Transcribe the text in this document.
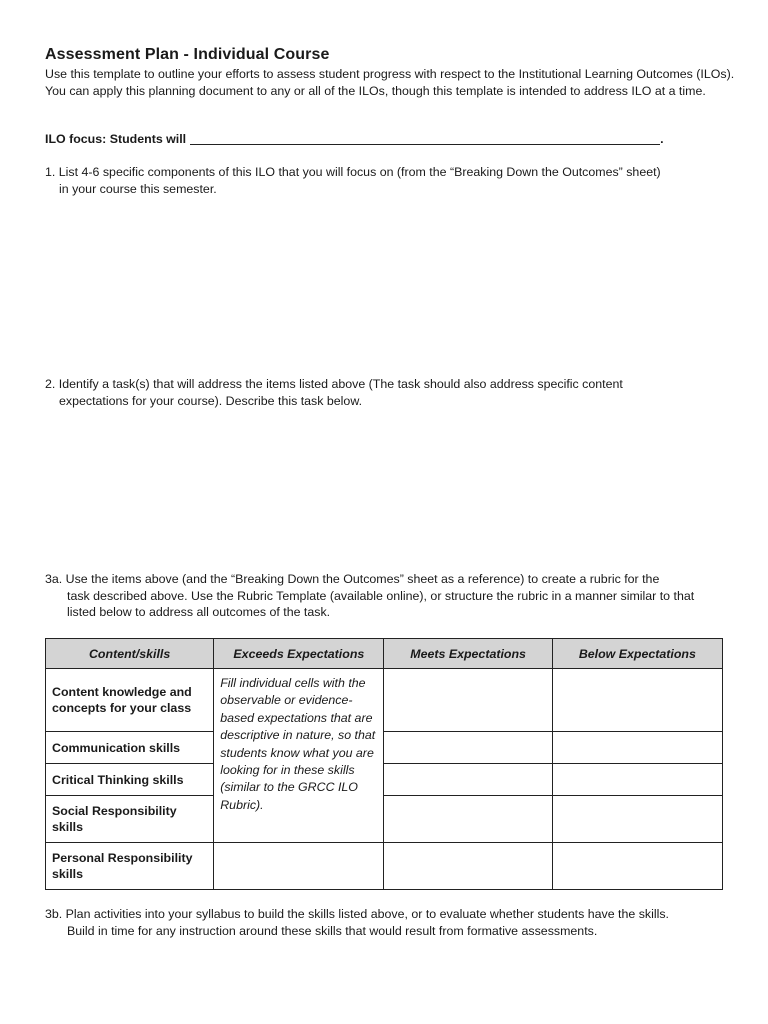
Assessment Plan - Individual Course
Use this template to outline your efforts to assess student progress with respect to the Institutional Learning Outcomes (ILOs). You can apply this planning document to any or all of the ILOs, though this template is intended to address ILO at a time.
ILO focus: Students will	.
1. List 4-6 specific components of this ILO that you will focus on (from the “Breaking Down the Outcomes” sheet)
in your course this semester.
2. Identify a task(s) that will address the items listed above (The task should also address specific content
expectations for your course). Describe this task below.
3a. Use the items above (and the “Breaking Down the Outcomes” sheet as a reference) to create a rubric for the
task described above. Use the Rubric Template (available online), or structure the rubric in a manner similar to that listed below to address all outcomes of the task.
Content/skills	Exceeds Expectations	Meets Expectations	Below Expectations
Content knowledge and concepts for your class	Fill individual cells with the observable or evidence-based expectations that are descriptive in nature, so that students know what you are looking for in these skills (similar to the GRCC ILO Rubric).		
Communication skills			
Critical Thinking skills			
Social Responsibility skills			
Personal Responsibility skills			
3b. Plan activities into your syllabus to build the skills listed above, or to evaluate whether students have the skills.
Build in time for any instruction around these skills that would result from formative assessments.
